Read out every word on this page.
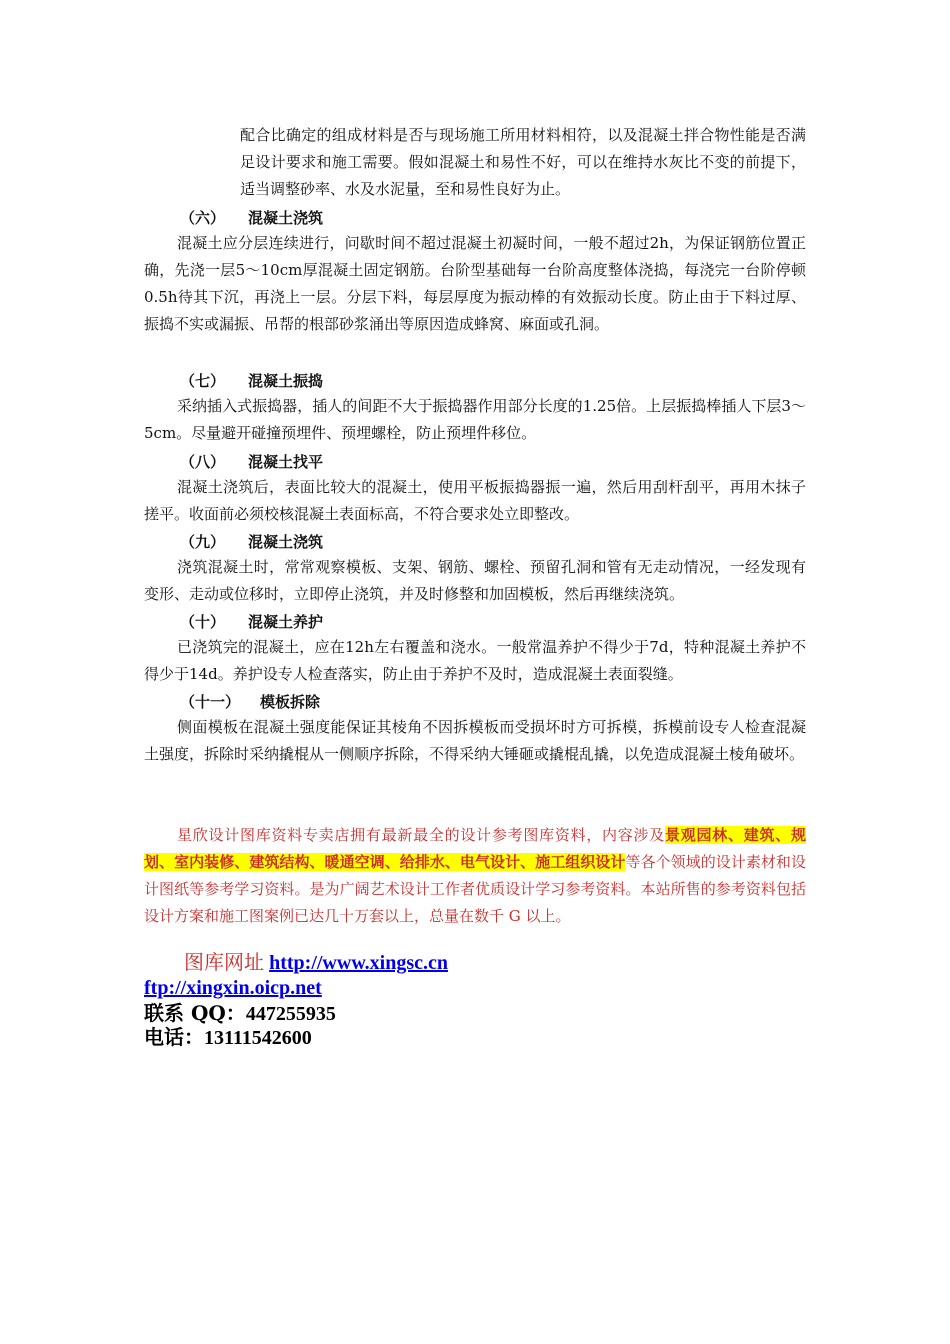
配合比确定的组成材料是否与现场施工所用材料相符，以及混凝土拌合物性能是否满足设计要求和施工需要。假如混凝土和易性不好，可以在维持水灰比不变的前提下，适当调整砂率、水及水泥量，至和易性良好为止。

（六） 混凝土浇筑

混凝土应分层连续进行，问歇时间不超过混凝土初凝时间，一般不超过2h，为保证钢筋位置正确，先浇一层5～10cm厚混凝土固定钢筋。台阶型基础每一台阶高度整体浇捣，每浇完一台阶停顿0.5h待其下沉，再浇上一层。分层下料，每层厚度为振动棒的有效振动长度。防止由于下料过厚、振捣不实或漏振、吊帮的根部砂浆涌出等原因造成蜂窝、麻面或孔洞。

（七） 混凝土振捣

采纳插入式振捣器，插人的间距不大于振捣器作用部分长度的1.25倍。上层振捣棒插人下层3～5cm。尽量避开碰撞预埋件、预埋螺栓，防止预埋件移位。

（八） 混凝土找平

混凝土浇筑后，表面比较大的混凝土，使用平板振捣器振一遍，然后用刮杆刮平，再用木抹子搓平。收面前必须校核混凝土表面标高，不符合要求处立即整改。

（九） 混凝土浇筑

浇筑混凝土时，常常观察模板、支架、钢筋、螺栓、预留孔洞和管有无走动情况，一经发现有变形、走动或位移时，立即停止浇筑，并及时修整和加固模板，然后再继续浇筑。

（十） 混凝土养护

已浇筑完的混凝土，应在12h左右覆盖和浇水。一般常温养护不得少于7d，特种混凝土养护不得少于14d。养护设专人检查落实，防止由于养护不及时，造成混凝土表面裂缝。

（十一） 模板拆除

侧面模板在混凝土强度能保证其棱角不因拆模板而受损坏时方可拆模，拆模前设专人检查混凝土强度，拆除时采纳撬棍从一侧顺序拆除，不得采纳大锤砸或撬棍乱撬，以免造成混凝土棱角破坏。

星欣设计图库资料专卖店拥有最新最全的设计参考图库资料，内容涉及景观园林、建筑、规划、室内装修、建筑结构、暖通空调、给排水、电气设计、施工组织设计等各个领域的设计素材和设计图纸等参考学习资料。是为广阔艺术设计工作者优质设计学习参考资料。本站所售的参考资料包括设计方案和施工图案例已达几十万套以上，总量在数千 G 以上。

图库网址 http://www.xingsc.cn
ftp://xingxin.oicp.net
联系 QQ：447255935
电话：13111542600
